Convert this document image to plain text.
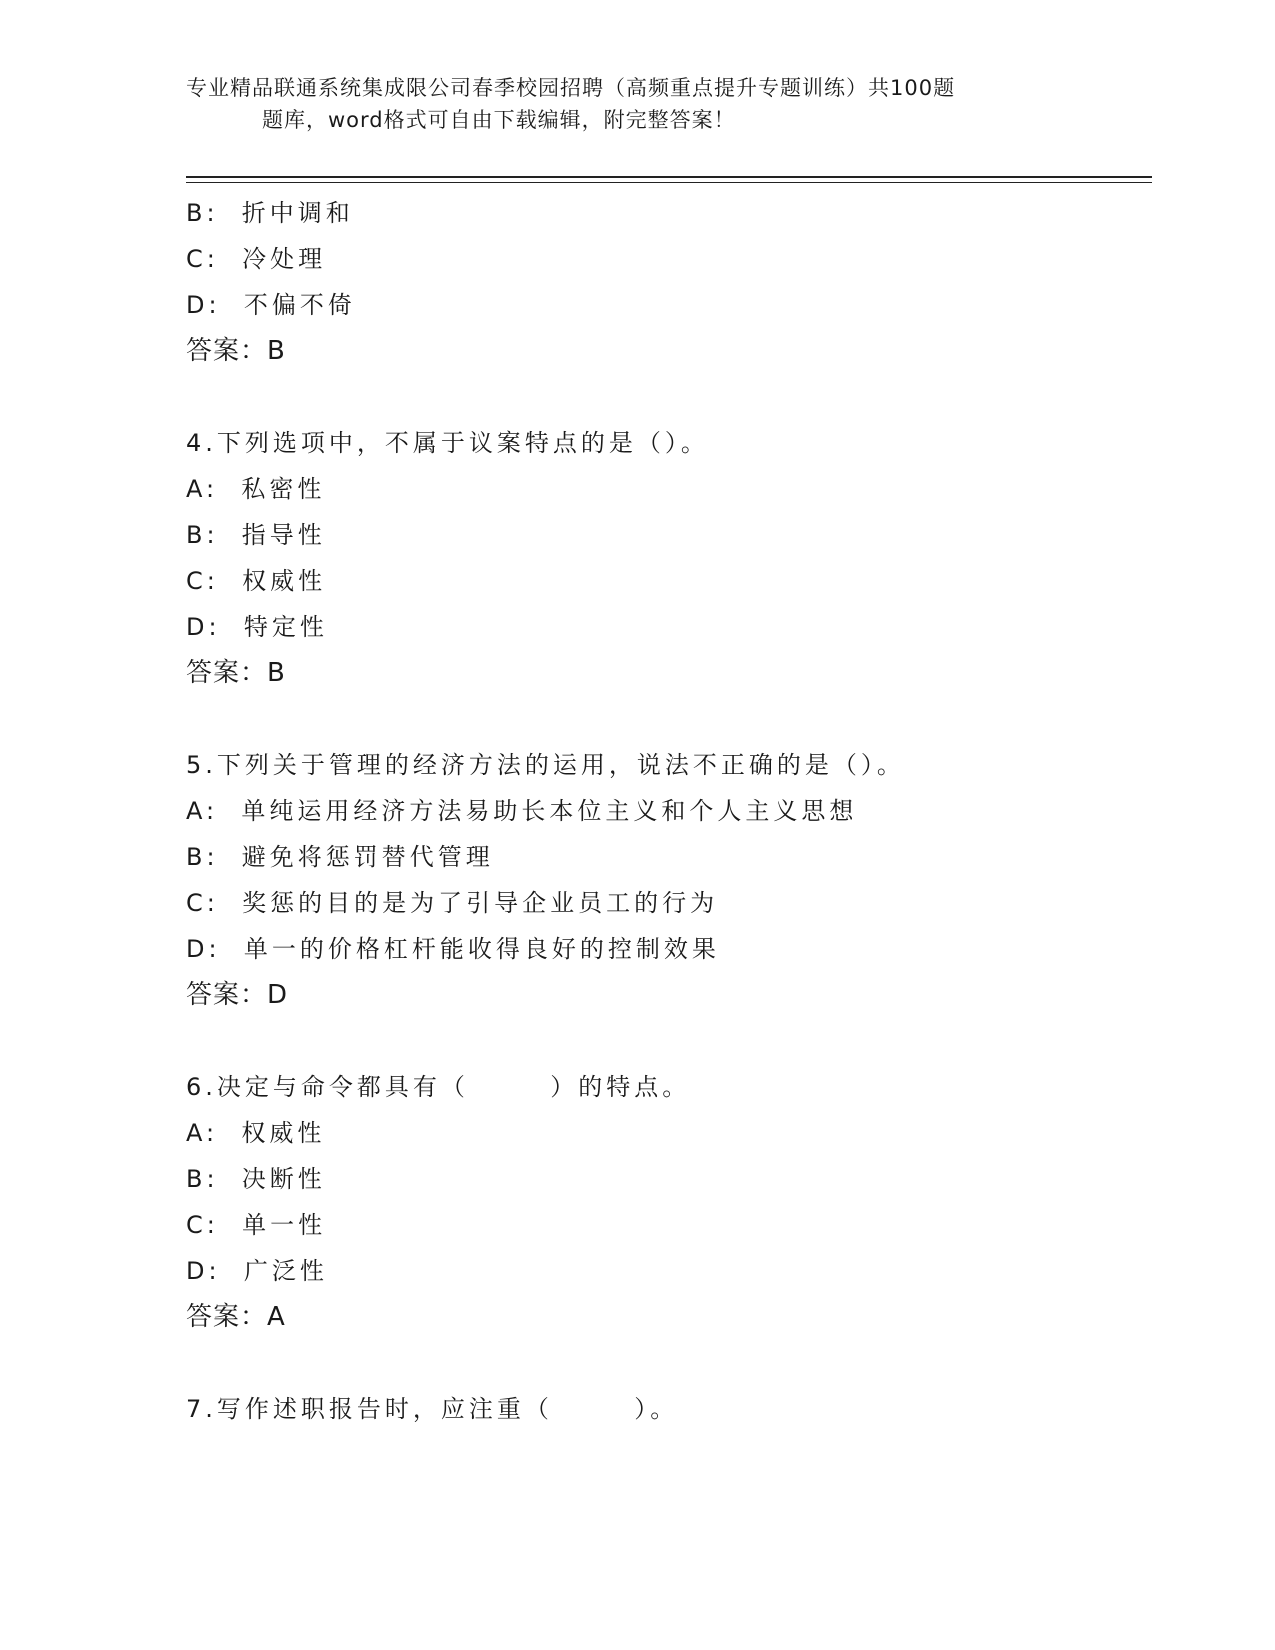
专业精品联通系统集成限公司春季校园招聘（高频重点提升专题训练）共100题
题库，word格式可自由下载编辑，附完整答案！
B:  折中调和
C:  冷处理
D:  不偏不倚
答案：B
4.下列选项中，不属于议案特点的是（）。
A:  私密性
B:  指导性
C:  权威性
D:  特定性
答案：B
5.下列关于管理的经济方法的运用，说法不正确的是（）。
A:  单纯运用经济方法易助长本位主义和个人主义思想
B:  避免将惩罚替代管理
C:  奖惩的目的是为了引导企业员工的行为
D:  单一的价格杠杆能收得良好的控制效果
答案：D
6.决定与命令都具有（       ）的特点。
A:  权威性
B:  决断性
C:  单一性
D:  广泛性
答案：A
7.写作述职报告时，应注重（       ）。
